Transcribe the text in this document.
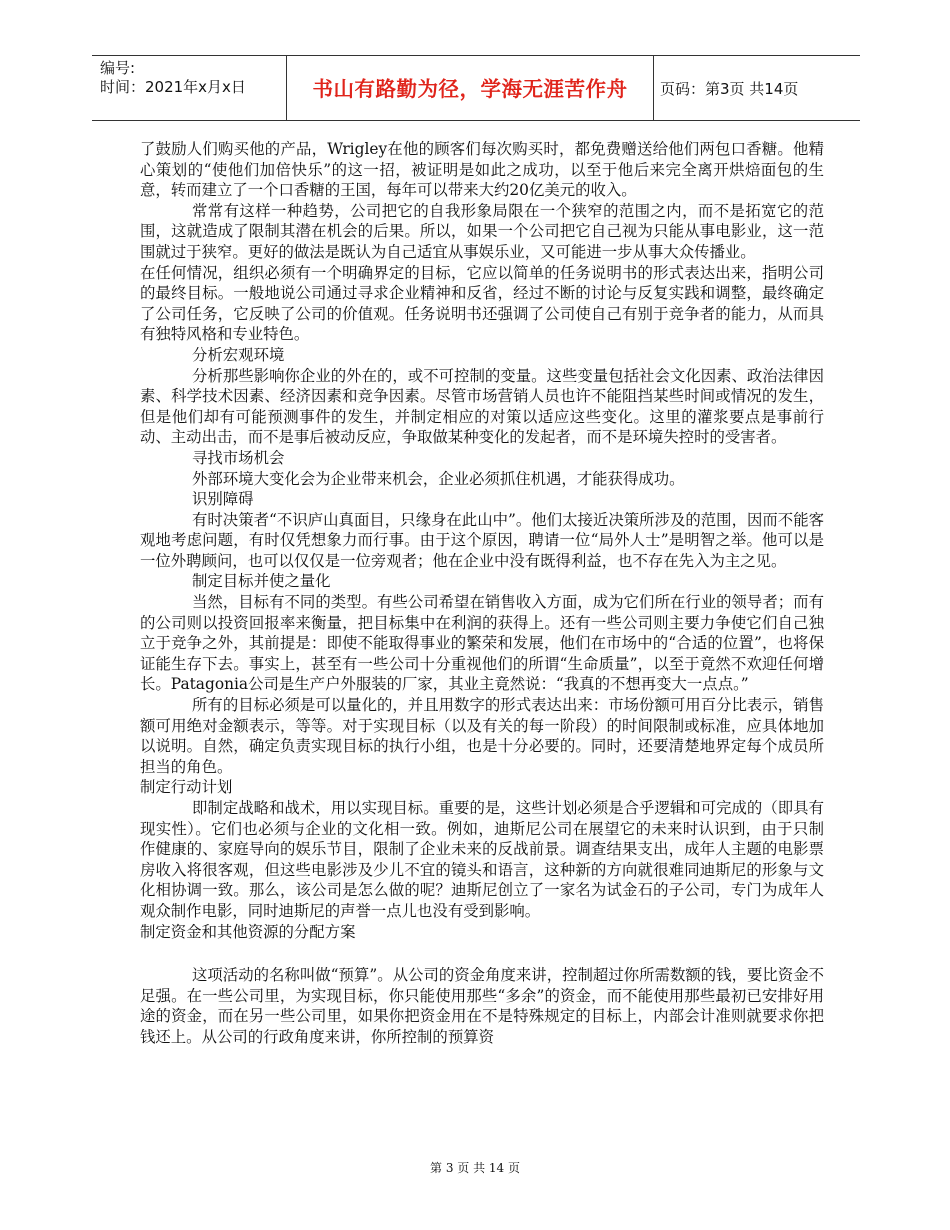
编号:
时间：2021年x月x日	书山有路勤为径，学海无涯苦作舟	页码：第3页 共14页

了鼓励人们购买他的产品，Wrigley在他的顾客们每次购买时，都免费赠送给他们两包口香糖。他精心策划的“使他们加倍快乐”的这一招，被证明是如此之成功，以至于他后来完全离开烘焙面包的生意，转而建立了一个口香糖的王国，每年可以带来大约20亿美元的收入。

常常有这样一种趋势，公司把它的自我形象局限在一个狭窄的范围之内，而不是拓宽它的范围，这就造成了限制其潜在机会的后果。所以，如果一个公司把它自己视为只能从事电影业，这一范围就过于狭窄。更好的做法是既认为自己适宜从事娱乐业，又可能进一步从事大众传播业。

在任何情况，组织必须有一个明确界定的目标，它应以简单的任务说明书的形式表达出来，指明公司的最终目标。一般地说公司通过寻求企业精神和反省，经过不断的讨论与反复实践和调整，最终确定了公司任务，它反映了公司的价值观。任务说明书还强调了公司使自己有别于竞争者的能力，从而具有独特风格和专业特色。

分析宏观环境

分析那些影响你企业的外在的，或不可控制的变量。这些变量包括社会文化因素、政治法律因素、科学技术因素、经济因素和竞争因素。尽管市场营销人员也许不能阻挡某些时间或情况的发生，但是他们却有可能预测事件的发生，并制定相应的对策以适应这些变化。这里的灌浆要点是事前行动、主动出击，而不是事后被动反应，争取做某种变化的发起者，而不是环境失控时的受害者。

寻找市场机会

外部环境大变化会为企业带来机会，企业必须抓住机遇，才能获得成功。

识别障碍

有时决策者“不识庐山真面目，只缘身在此山中”。他们太接近决策所涉及的范围，因而不能客观地考虑问题，有时仅凭想象力而行事。由于这个原因，聘请一位“局外人士”是明智之举。他可以是一位外聘顾问，也可以仅仅是一位旁观者；他在企业中没有既得利益，也不存在先入为主之见。

制定目标并使之量化

当然，目标有不同的类型。有些公司希望在销售收入方面，成为它们所在行业的领导者；而有的公司则以投资回报率来衡量，把目标集中在利润的获得上。还有一些公司则主要力争使它们自己独立于竞争之外，其前提是：即使不能取得事业的繁荣和发展，他们在市场中的“合适的位置”，也将保证能生存下去。事实上，甚至有一些公司十分重视他们的所谓“生命质量”，以至于竟然不欢迎任何增长。Patagonia公司是生产户外服装的厂家，其业主竟然说：“我真的不想再变大一点点。”

所有的目标必须是可以量化的，并且用数字的形式表达出来：市场份额可用百分比表示，销售额可用绝对金额表示，等等。对于实现目标（以及有关的每一阶段）的时间限制或标准，应具体地加以说明。自然，确定负责实现目标的执行小组，也是十分必要的。同时，还要清楚地界定每个成员所担当的角色。

制定行动计划

即制定战略和战术，用以实现目标。重要的是，这些计划必须是合乎逻辑和可完成的（即具有现实性）。它们也必须与企业的文化相一致。例如，迪斯尼公司在展望它的未来时认识到，由于只制作健康的、家庭导向的娱乐节目，限制了企业未来的反战前景。调查结果支出，成年人主题的电影票房收入将很客观，但这些电影涉及少儿不宜的镜头和语言，这种新的方向就很难同迪斯尼的形象与文化相协调一致。那么，该公司是怎么做的呢？迪斯尼创立了一家名为试金石的子公司，专门为成年人观众制作电影，同时迪斯尼的声誉一点儿也没有受到影响。

制定资金和其他资源的分配方案

这项活动的名称叫做“预算”。从公司的资金角度来讲，控制超过你所需数额的钱，要比资金不足强。在一些公司里，为实现目标，你只能使用那些“多余”的资金，而不能使用那些最初已安排好用途的资金，而在另一些公司里，如果你把资金用在不是特殊规定的目标上，内部会计准则就要求你把钱还上。从公司的行政角度来讲，你所控制的预算资

第 3 页 共 14 页
